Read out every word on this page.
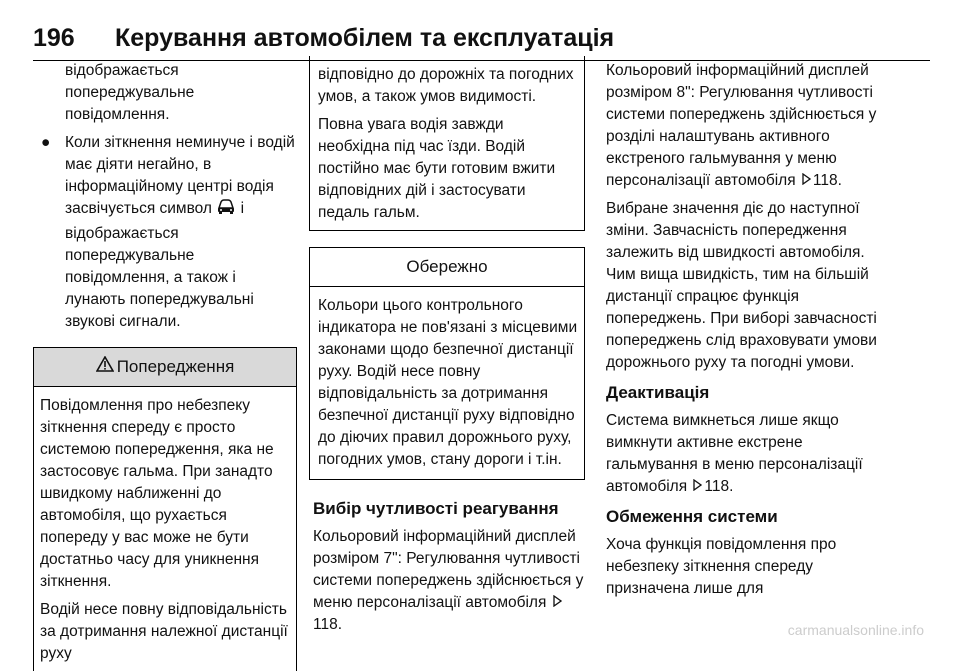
196 Керування автомобілем та експлуатація

відображається попереджувальне повідомлення.

● Коли зіткнення неминуче і водій має діяти негайно, в інформаційному центрі водія засвічується символ і відображається попереджувальне повідомлення, а також і лунають попереджувальні звукові сигнали.
Попередження

Повідомлення про небезпеку зіткнення спереду є просто системою попередження, яка не застосовує гальма. При занадто швидкому наближенні до автомобіля, що рухається попереду у вас може не бути достатньо часу для уникнення зіткнення.

Водій несе повну відповідальність за дотримання належної дистанції руху

відповідно до дорожніх та погодних умов, а також умов видимості.

Повна увага водія завжди необхідна під час їзди. Водій постійно має бути готовим вжити відповідних дій і застосувати педаль гальм.

Обережно

Кольори цього контрольного індикатора не пов'язані з місцевими законами щодо безпечної дистанції руху. Водій несе повну відповідальність за дотримання безпечної дистанції руху відповідно до діючих правил дорожнього руху, погодних умов, стану дороги і т.ін.

Вибір чутливості реагування

Кольоровий інформаційний дисплей розміром 7": Регулювання чутливості системи попереджень здійснюється у меню персоналізації автомобіля 118.

Кольоровий інформаційний дисплей розміром 8": Регулювання чутливості системи попереджень здійснюється у розділі налаштувань активного екстреного гальмування у меню персоналізації автомобіля 118.

Вибране значення діє до наступної зміни. Завчасність попередження залежить від швидкості автомобіля. Чим вища швидкість, тим на більшій дистанції спрацює функція попереджень. При виборі завчасності попереджень слід враховувати умови дорожнього руху та погодні умови.

Деактивація

Система вимкнеться лише якщо вимкнути активне екстрене гальмування в меню персоналізації автомобіля 118.

Обмеження системи

Хоча функція повідомлення про небезпеку зіткнення спереду призначена лише для

carmanualsonline.info
